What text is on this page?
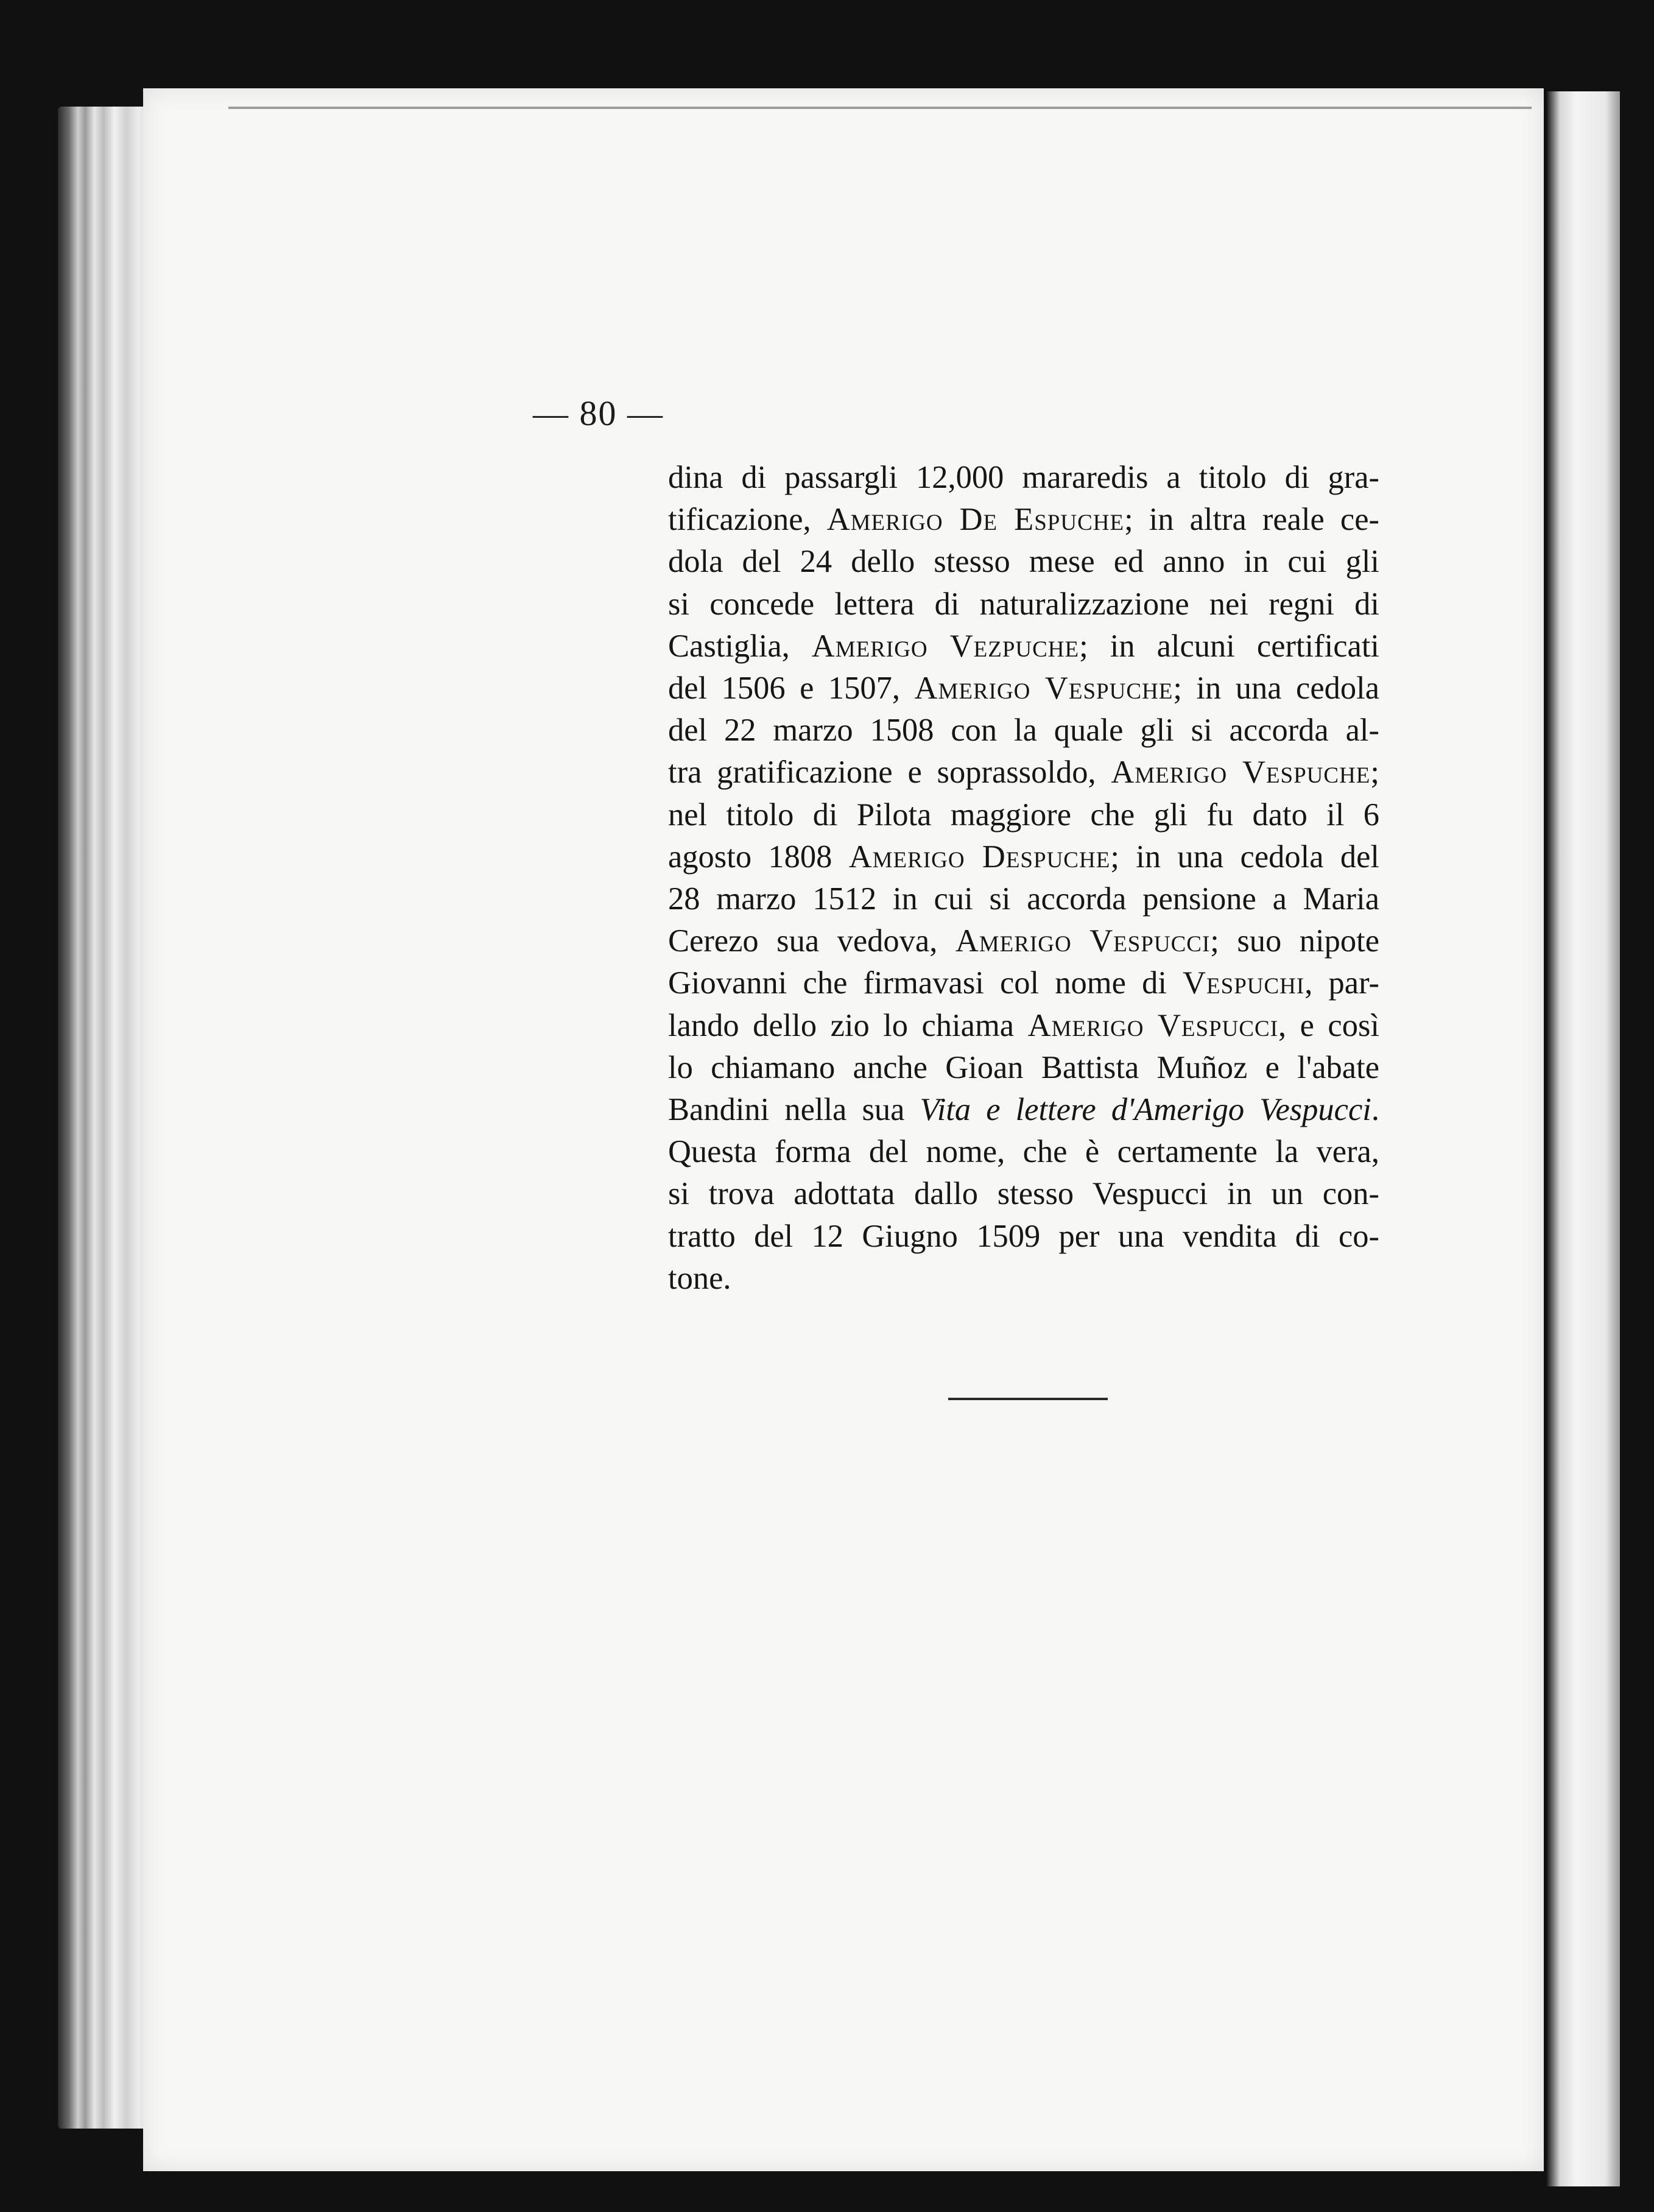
— 80 —
dina di passargli 12,000 mararedis a titolo di gra-
tificazione, Amerigo De Espuche; in altra reale ce-
dola del 24 dello stesso mese ed anno in cui gli
si concede lettera di naturalizzazione nei regni di
Castiglia, Amerigo Vezpuche; in alcuni certificati
del 1506 e 1507, Amerigo Vespuche; in una cedola
del 22 marzo 1508 con la quale gli si accorda al-
tra gratificazione e soprassoldo, Amerigo Vespuche;
nel titolo di Pilota maggiore che gli fu dato il 6
agosto 1808 Amerigo Despuche; in una cedola del
28 marzo 1512 in cui si accorda pensione a Maria
Cerezo sua vedova, Amerigo Vespucci; suo nipote
Giovanni che firmavasi col nome di Vespuchi, par-
lando dello zio lo chiama Amerigo Vespucci, e così
lo chiamano anche Gioan Battista Muñoz e l'abate
Bandini nella sua Vita e lettere d'Amerigo Vespucci.
Questa forma del nome, che è certamente la vera,
si trova adottata dallo stesso Vespucci in un con-
tratto del 12 Giugno 1509 per una vendita di co-
tone.
